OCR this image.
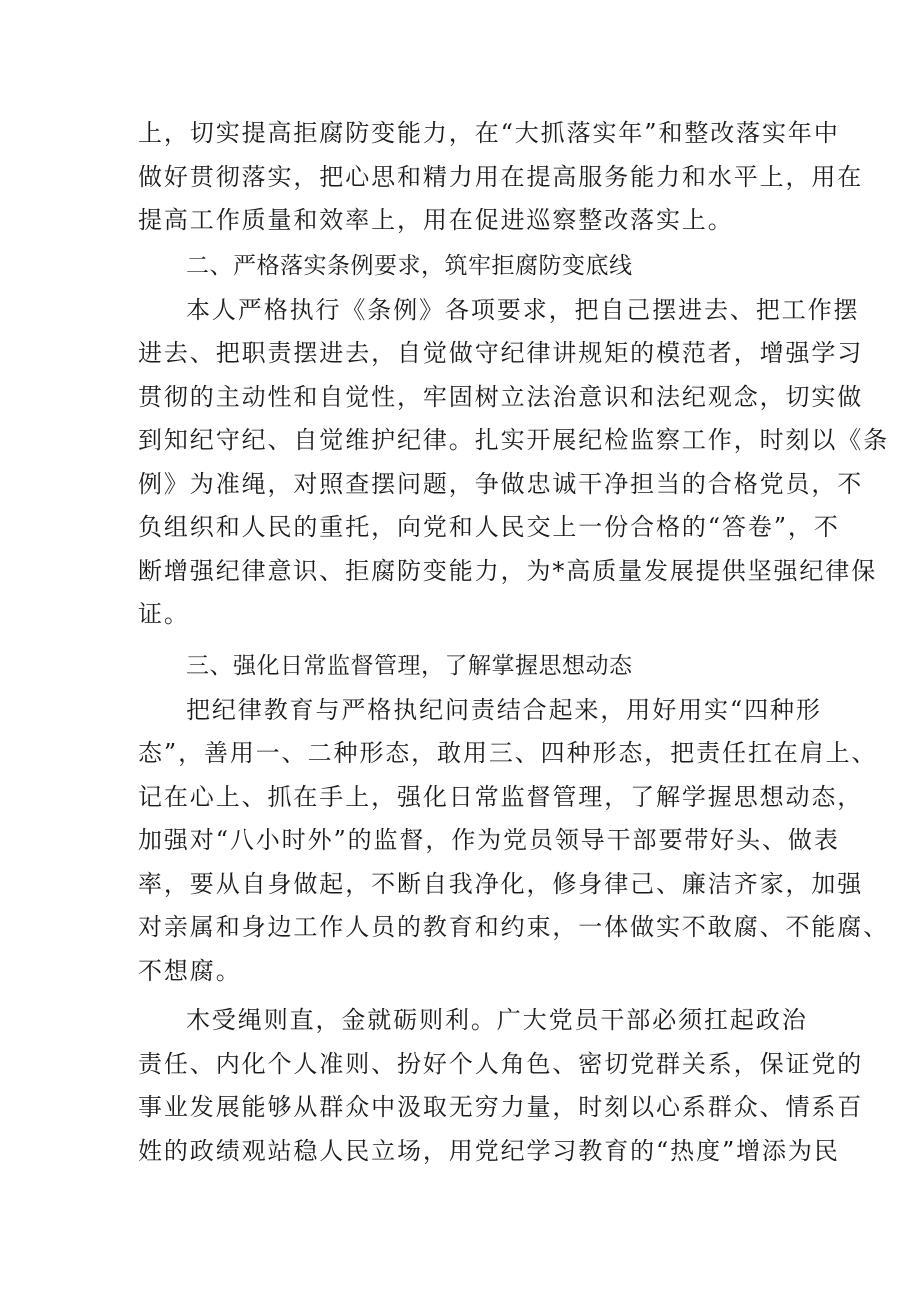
上，切实提高拒腐防变能力，在“大抓落实年”和整改落实年中
做好贯彻落实，把心思和精力用在提高服务能力和水平上，用在
提高工作质量和效率上，用在促进巡察整改落实上。
二、严格落实条例要求，筑牢拒腐防变底线
本人严格执行《条例》各项要求，把自己摆进去、把工作摆
进去、把职责摆进去，自觉做守纪律讲规矩的模范者，增强学习
贯彻的主动性和自觉性，牢固树立法治意识和法纪观念，切实做
到知纪守纪、自觉维护纪律。扎实开展纪检监察工作，时刻以《条
例》为准绳，对照查摆问题，争做忠诚干净担当的合格党员，不
负组织和人民的重托，向党和人民交上一份合格的“答卷”，不
断增强纪律意识、拒腐防变能力，为*高质量发展提供坚强纪律保
证。
三、强化日常监督管理，了解掌握思想动态
把纪律教育与严格执纪问责结合起来，用好用实“四种形
态”，善用一、二种形态，敢用三、四种形态，把责任扛在肩上、
记在心上、抓在手上，强化日常监督管理，了解学握思想动态，
加强对“八小时外”的监督，作为党员领导干部要带好头、做表
率，要从自身做起，不断自我净化，修身律己、廉洁齐家，加强
对亲属和身边工作人员的教育和约束，一体做实不敢腐、不能腐、
不想腐。
木受绳则直，金就砺则利。广大党员干部必须扛起政治
责任、内化个人准则、扮好个人角色、密切党群关系，保证党的
事业发展能够从群众中汲取无穷力量，时刻以心系群众、情系百
姓的政绩观站稳人民立场，用党纪学习教育的“热度”增添为民
